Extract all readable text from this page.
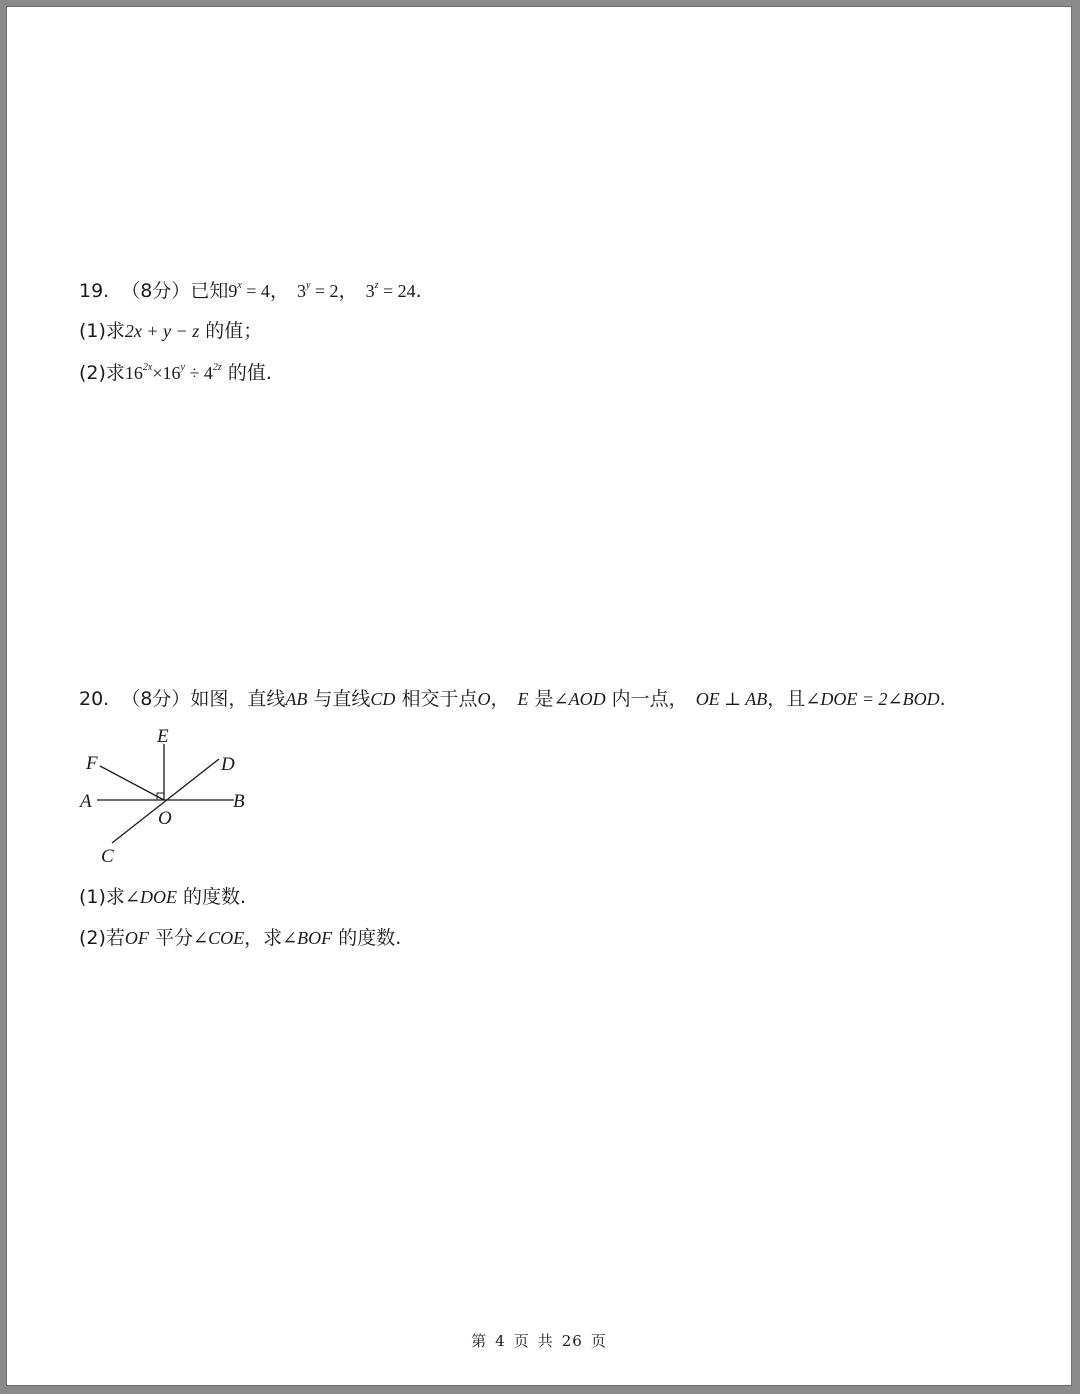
19. （8分）已知$9^x = 4$， $3^y = 2$， $3^z = 24$.
(1)求2x + y − z 的值；
(2)求$16^{2x}\times 16^y \div 4^{2z}$ 的值.
20. （8分）如图，直线AB 与直线CD 相交于点O， E 是∠AOD 内一点， OE ⊥ AB，且∠DOE = 2∠BOD.
E
F	D
A	B
O
C
(1)求∠DOE 的度数.
(2)若OF 平分∠COE，求∠BOF 的度数.
第 4 页 共 26 页
